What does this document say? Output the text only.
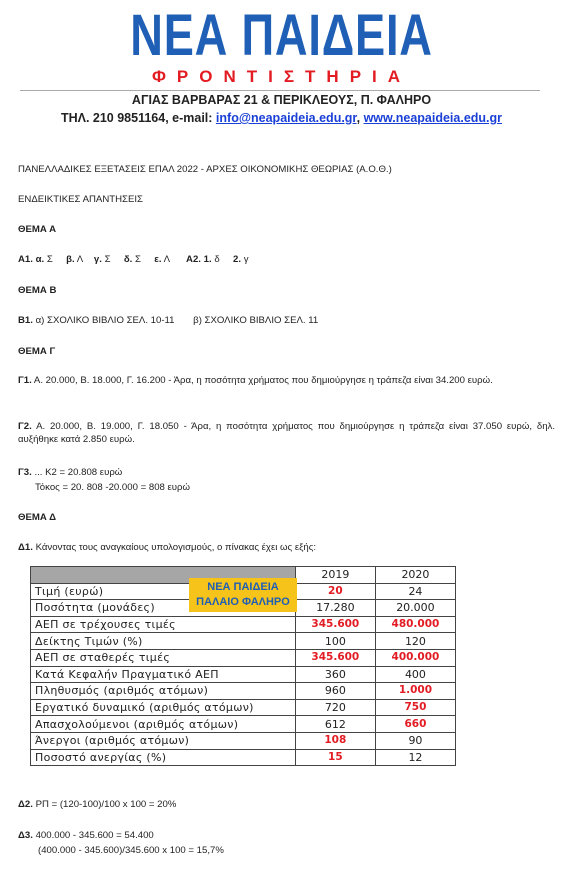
ΝΕΑ ΠΑΙΔΕΙΑ
ΦΡΟΝΤΙΣΤΗΡΙΑ
ΑΓΙΑΣ ΒΑΡΒΑΡΑΣ 21 & ΠΕΡΙΚΛΕΟΥΣ, Π. ΦΑΛΗΡΟ
ΤΗΛ. 210 9851164, e-mail: info@neapaideia.edu.gr, www.neapaideia.edu.gr
ΠΑΝΕΛΛΑΔΙΚΕΣ ΕΞΕΤΑΣΕΙΣ ΕΠΑΛ 2022 - ΑΡΧΕΣ ΟΙΚΟΝΟΜΙΚΗΣ ΘΕΩΡΙΑΣ (Α.Ο.Θ.)
ΕΝΔΕΙΚΤΙΚΕΣ ΑΠΑΝΤΗΣΕΙΣ
ΘΕΜΑ Α
Α1. α. Σ β. Λ γ. Σ δ. Σ ε. Λ Α2. 1. δ 2. γ
ΘΕΜΑ Β
Β1. α) ΣΧΟΛΙΚΟ ΒΙΒΛΙΟ ΣΕΛ. 10-11 β) ΣΧΟΛΙΚΟ ΒΙΒΛΙΟ ΣΕΛ. 11
ΘΕΜΑ Γ
Γ1. Α. 20.000, Β. 18.000, Γ. 16.200 - Άρα, η ποσότητα χρήματος που δημιούργησε η τράπεζα είναι 34.200 ευρώ.
Γ2. Α. 20.000, Β. 19.000, Γ. 18.050 - Άρα, η ποσότητα χρήματος που δημιούργησε η τράπεζα είναι 37.050 ευρώ, δηλ. αυξήθηκε κατά 2.850 ευρώ.
Γ3. ... Κ2 = 20.808 ευρώ
Τόκος = 20. 808 -20.000 = 808 ευρώ
ΘΕΜΑ Δ
Δ1. Κάνοντας τους αναγκαίους υπολογισμούς, ο πίνακας έχει ως εξής:
	2019	2020
Τιμή (ευρώ)	20	24
Ποσότητα (μονάδες)	17.280	20.000
ΑΕΠ σε τρέχουσες τιμές	345.600	480.000
Δείκτης Τιμών (%)	100	120
ΑΕΠ σε σταθερές τιμές	345.600	400.000
Κατά Κεφαλήν Πραγματικό ΑΕΠ	360	400
Πληθυσμός (αριθμός ατόμων)	960	1.000
Εργατικό δυναμικό (αριθμός ατόμων)	720	750
Απασχολούμενοι (αριθμός ατόμων)	612	660
Άνεργοι (αριθμός ατόμων)	108	90
Ποσοστό ανεργίας (%)	15	12
ΝΕΑ ΠΑΙΔΕΙΑ
ΠΑΛΑΙΟ ΦΑΛΗΡΟ
Δ2. ΡΠ = (120-100)/100 x 100 = 20%
Δ3. 400.000 - 345.600 = 54.400
(400.000 - 345.600)/345.600 x 100 = 15,7%
